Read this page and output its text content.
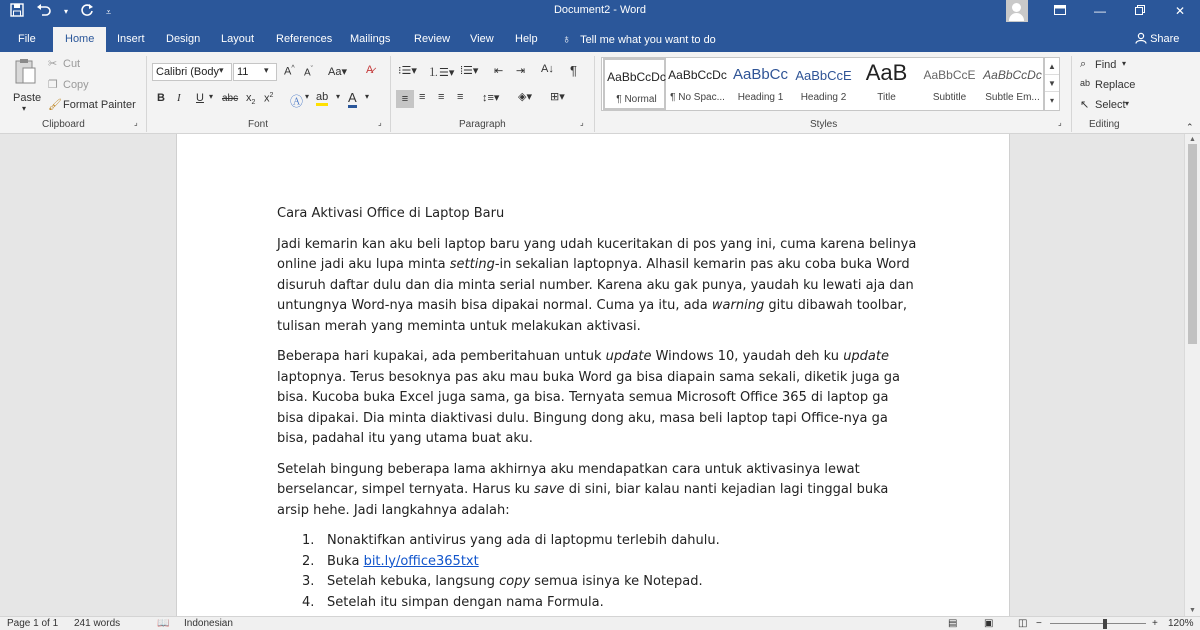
▾	⩡	Document2 - Word	—	✕
File	Home	Insert Design Layout References Mailings Review View Help ♁ Tell me what you want to do	Share
Paste
▾
✂ Cut
❐ Copy
🖌 Format Painter
Clipboard	⌟
Calibri (Body ▾	11	▾ A^ $A^ˇ$ Aa▾ A̷
B I U ▾ abc $x_2$ $x^2$ Ⓐ ▾ ab ▾ A ▾
Font	⌟
⁝☰▾ ⒈☰▾ ⁞☰▾ ⇤ ⇥ A↓ ¶
≡ ≡ ≡ ≡ ↕≡▾ ◈▾ ⊞▾
Paragraph	⌟
AaBbCcDc
¶ Normal
AaBbCcDc
¶ No Spac...
AaBbCc
Heading 1
AaBbCcE
Heading 2
AaB
Title
AaBbCcE
Subtitle
AaBbCcDc
Subtle Em...
▲
▼
▾
Styles	⌟
⌕ Find ▾
ab Replace
↖ Select ▾
Editing	⌃
Cara Aktivasi Office di Laptop Baru

Jadi kemarin kan aku beli laptop baru yang udah kuceritakan di pos yang ini, cuma karena belinya online jadi aku lupa minta setting-in sekalian laptopnya. Alhasil kemarin pas aku coba buka Word disuruh daftar dulu dan dia minta serial number. Karena aku gak punya, yaudah ku lewati aja dan untungnya Word-nya masih bisa dipakai normal. Cuma ya itu, ada warning gitu dibawah toolbar, tulisan merah yang meminta untuk melakukan aktivasi.

Beberapa hari kupakai, ada pemberitahuan untuk update Windows 10, yaudah deh ku update laptopnya. Terus besoknya pas aku mau buka Word ga bisa diapain sama sekali, diketik juga ga bisa. Kucoba buka Excel juga sama, ga bisa. Ternyata semua Microsoft Office 365 di laptop ga bisa dipakai. Dia minta diaktivasi dulu. Bingung dong aku, masa beli laptop tapi Office-nya ga bisa, padahal itu yang utama buat aku.

Setelah bingung beberapa lama akhirnya aku mendapatkan cara untuk aktivasinya lewat berselancar, simpel ternyata. Harus ku save di sini, biar kalau nanti kejadian lagi tinggal buka arsip hehe. Jadi langkahnya adalah:

1. Nonaktifkan antivirus yang ada di laptopmu terlebih dahulu.
2. Buka bit.ly/office365txt
3. Setelah kebuka, langsung copy semua isinya ke Notepad.
4. Setelah itu simpan dengan nama Formula.
▲
▼
Page 1 of 1 241 words	📖 Indonesian	▤	▣ ◫ −	+ 120%
